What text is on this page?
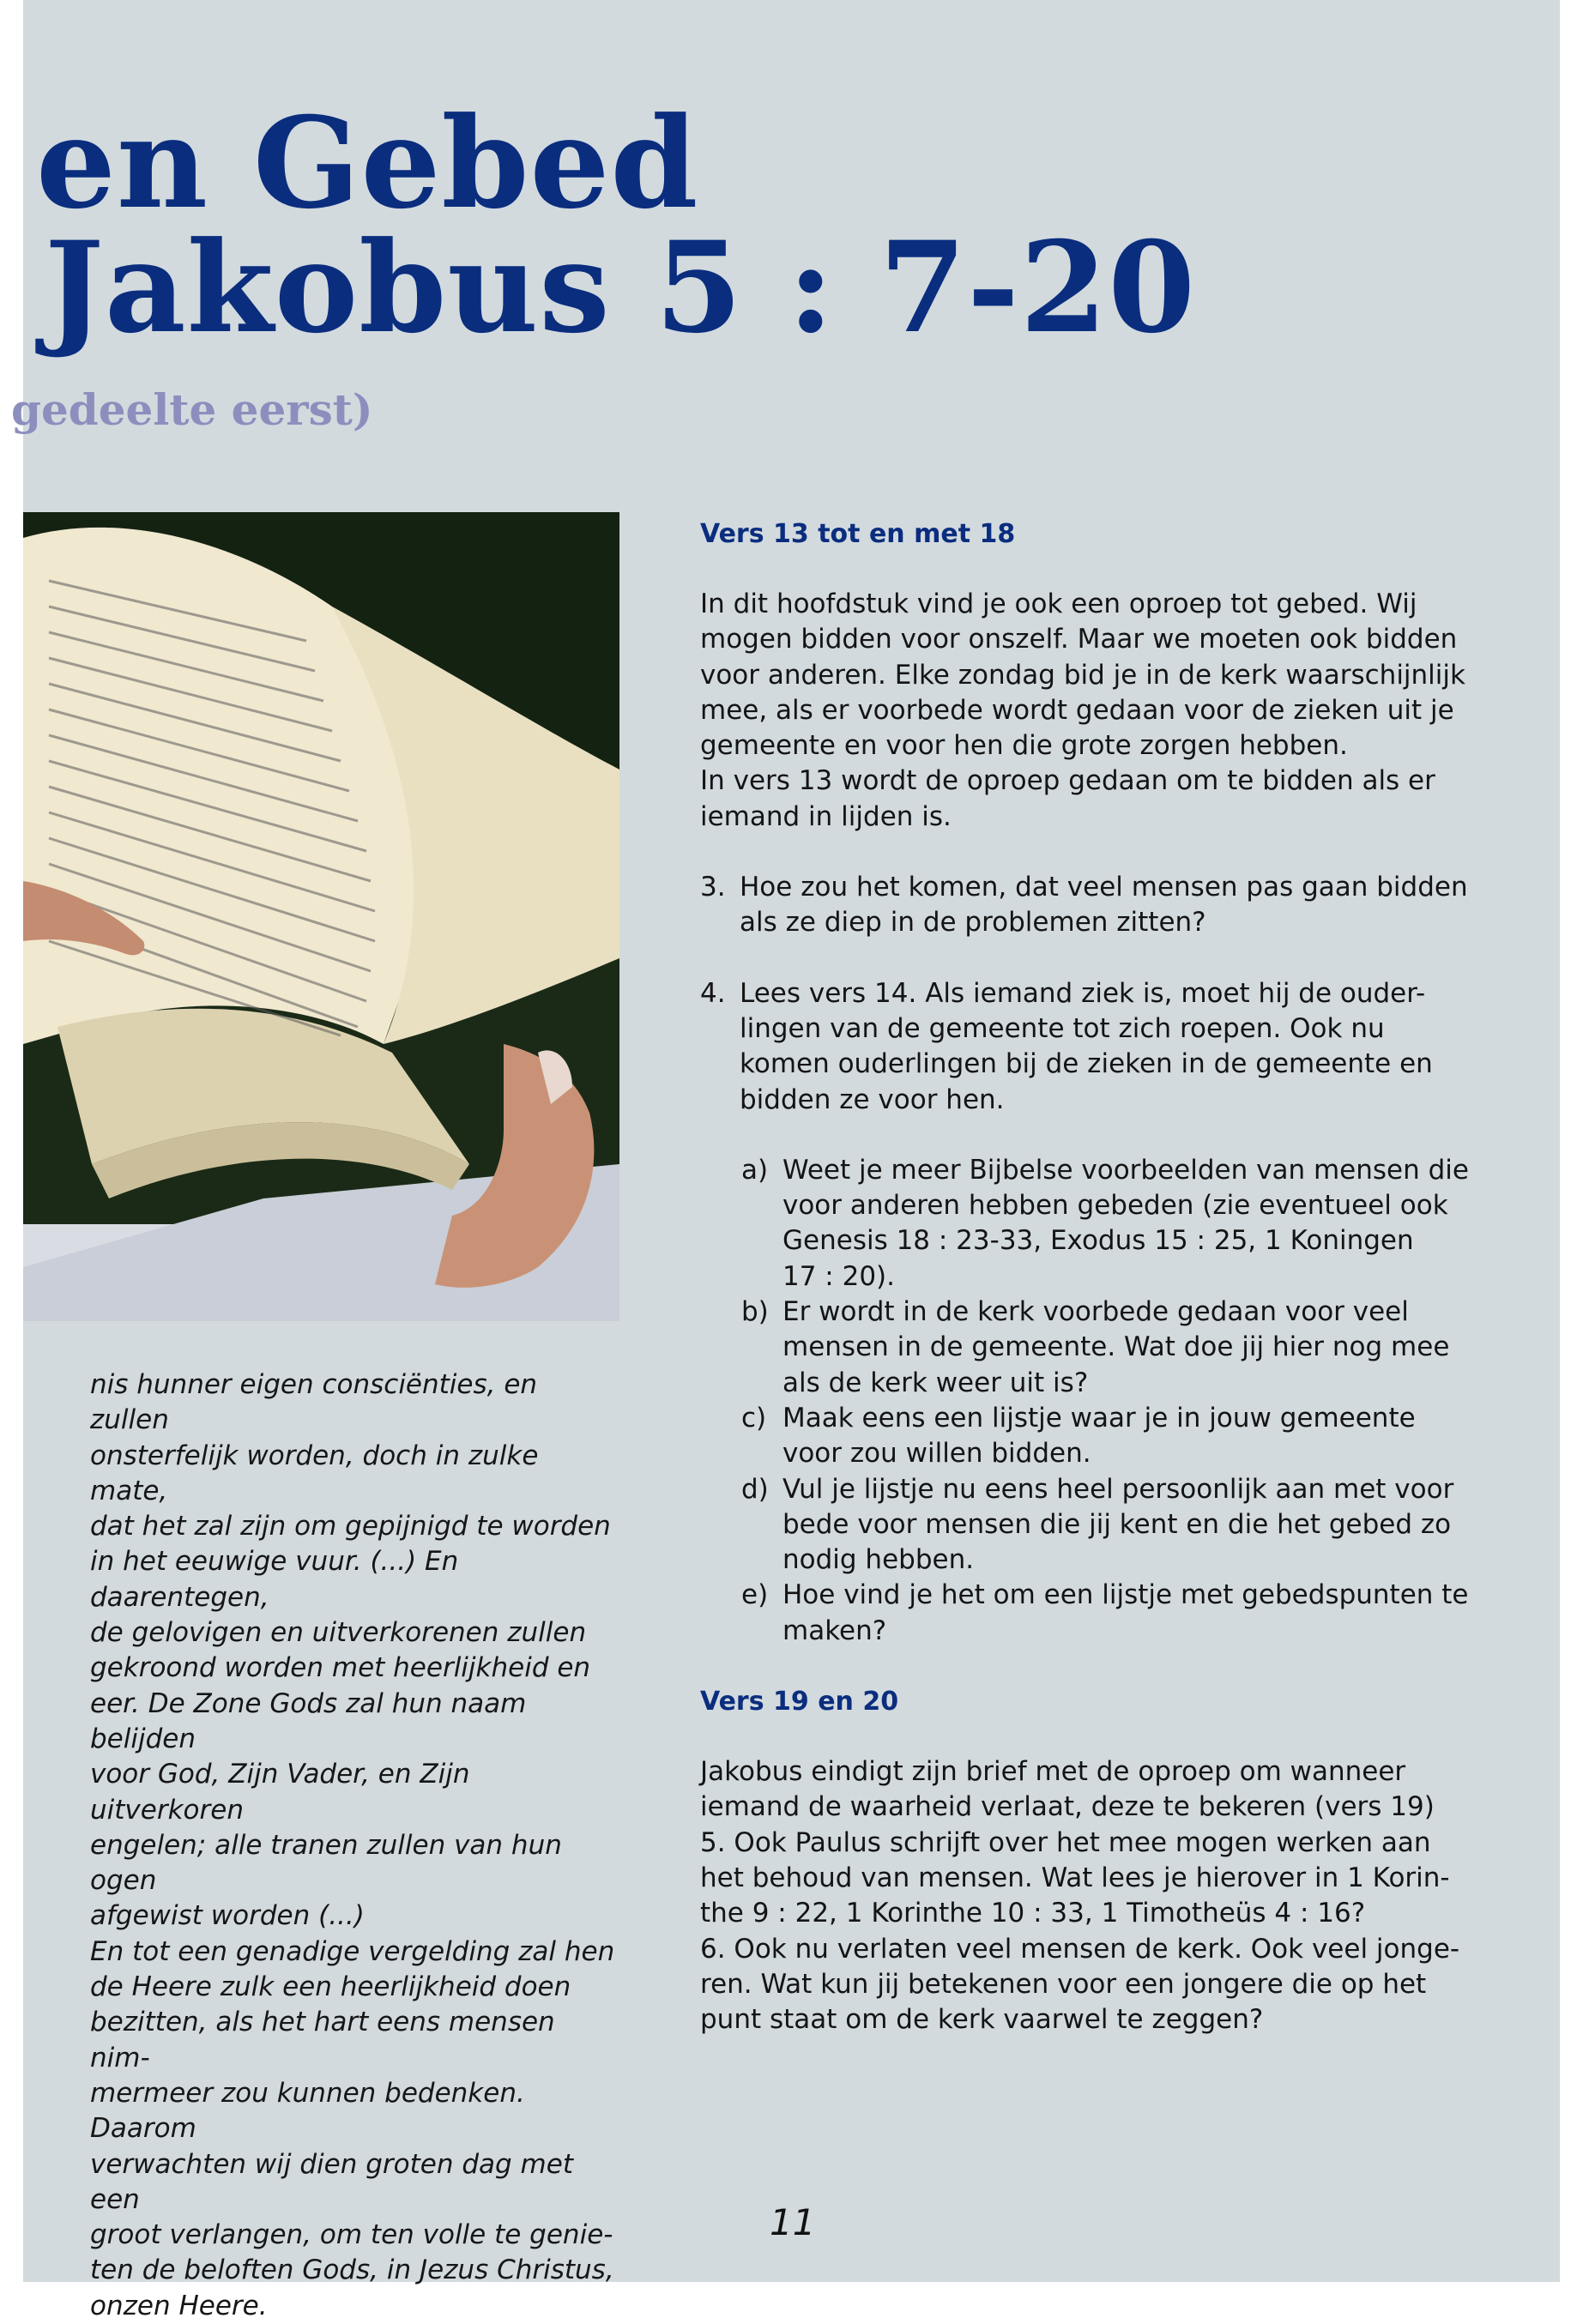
en Gebed
Jakobus 5 : 7-20

gedeelte eerst)

nis hunner eigen consciënties, en zullen
onsterfelijk worden, doch in zulke mate,
dat het zal zijn om gepijnigd te worden
in het eeuwige vuur. (...) En daarentegen,
de gelovigen en uitverkorenen zullen
gekroond worden met heerlijkheid en
eer. De Zone Gods zal hun naam belijden
voor God, Zijn Vader, en Zijn uitverkoren
engelen; alle tranen zullen van hun ogen
afgewist worden (...)
En tot een genadige vergelding zal hen
de Heere zulk een heerlijkheid doen
bezitten, als het hart eens mensen nim-
mermeer zou kunnen bedenken. Daarom
verwachten wij dien groten dag met een
groot verlangen, om ten volle te genie-
ten de beloften Gods, in Jezus Christus,
onzen Heere.

Vers 13 tot en met 18

In dit hoofdstuk vind je ook een oproep tot gebed. Wij
mogen bidden voor onszelf. Maar we moeten ook bidden
voor anderen. Elke zondag bid je in de kerk waarschijnlijk
mee, als er voorbede wordt gedaan voor de zieken uit je
gemeente en voor hen die grote zorgen hebben.
In vers 13 wordt de oproep gedaan om te bidden als er
iemand in lijden is.

3. Hoe zou het komen, dat veel mensen pas gaan bidden
als ze diep in de problemen zitten?
4. Lees vers 14. Als iemand ziek is, moet hij de ouder-
lingen van de gemeente tot zich roepen. Ook nu
komen ouderlingen bij de zieken in de gemeente en
bidden ze voor hen.
a) Weet je meer Bijbelse voorbeelden van mensen die
voor anderen hebben gebeden (zie eventueel ook
Genesis 18 : 23-33, Exodus 15 : 25, 1 Koningen
17 : 20).
b) Er wordt in de kerk voorbede gedaan voor veel
mensen in de gemeente. Wat doe jij hier nog mee
als de kerk weer uit is?
c) Maak eens een lijstje waar je in jouw gemeente
voor zou willen bidden.
d) Vul je lijstje nu eens heel persoonlijk aan met voor
bede voor mensen die jij kent en die het gebed zo
nodig hebben.
e) Hoe vind je het om een lijstje met gebedspunten te
maken?

Vers 19 en 20

Jakobus eindigt zijn brief met de oproep om wanneer
iemand de waarheid verlaat, deze te bekeren (vers 19)
5. Ook Paulus schrijft over het mee mogen werken aan
het behoud van mensen. Wat lees je hierover in 1 Korin-
the 9 : 22, 1 Korinthe 10 : 33, 1 Timotheüs 4 : 16?
6. Ook nu verlaten veel mensen de kerk. Ook veel jonge-
ren. Wat kun jij betekenen voor een jongere die op het
punt staat om de kerk vaarwel te zeggen?

11
